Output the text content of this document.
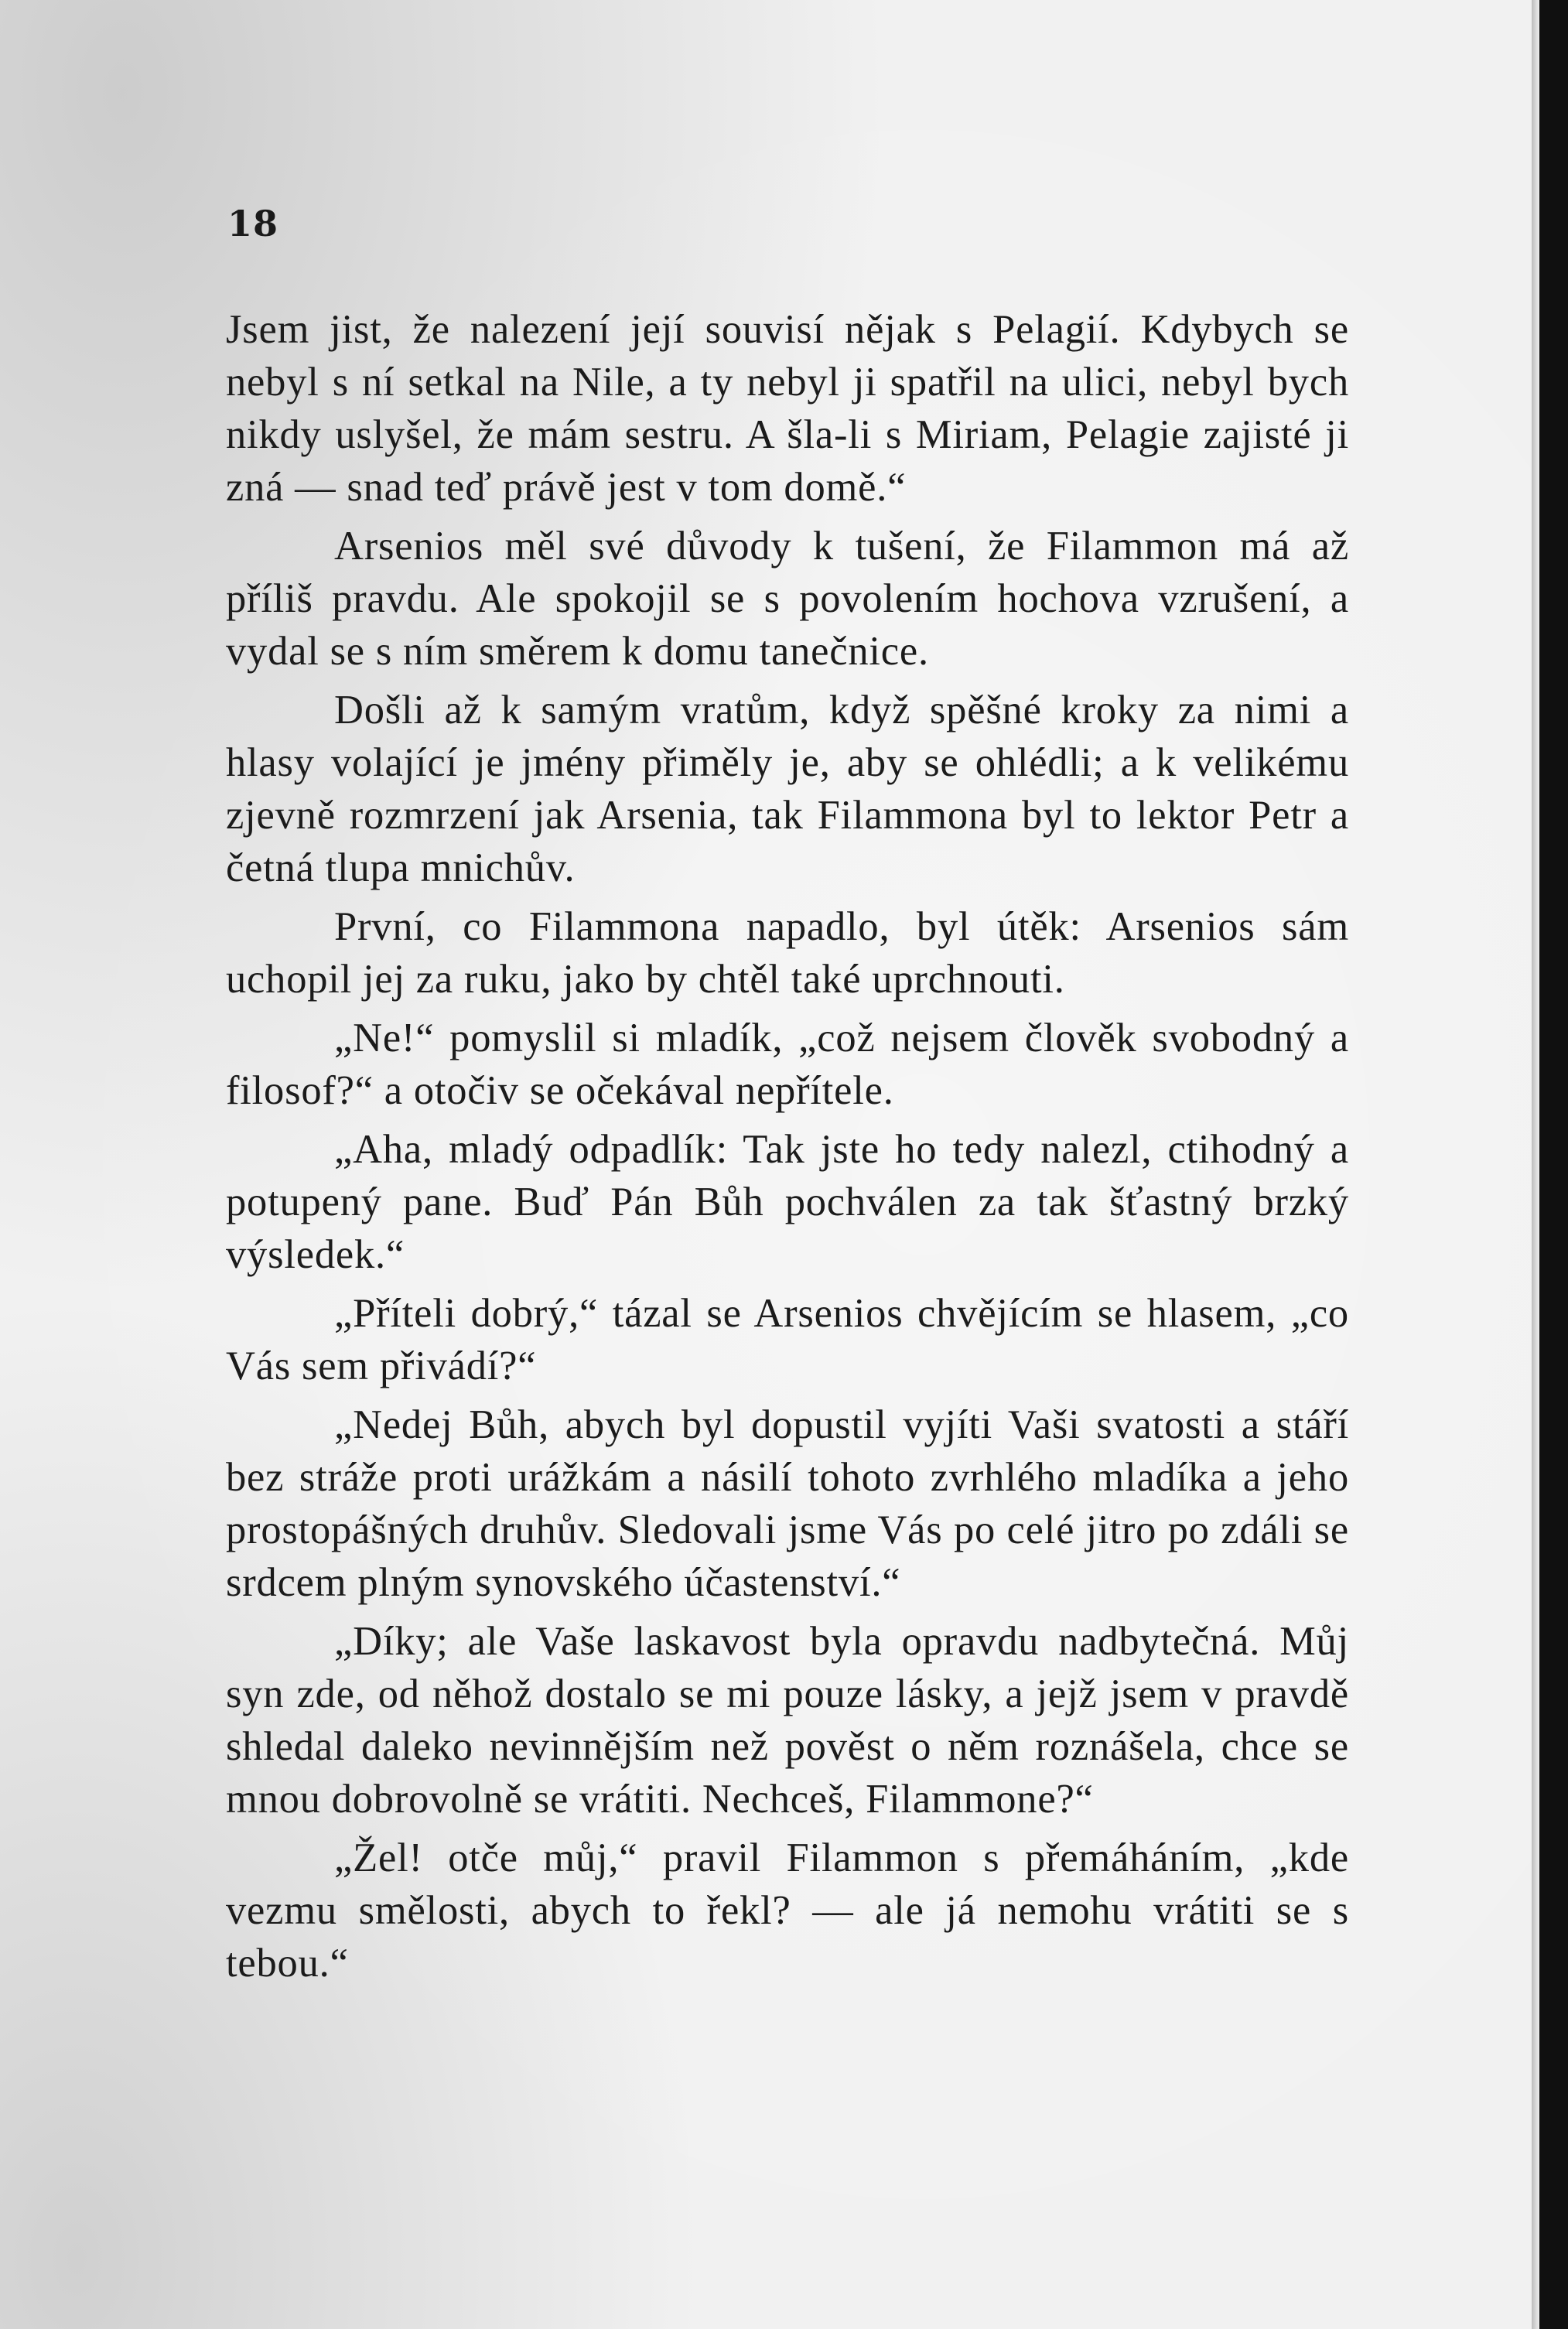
18

Jsem jist, že nalezení její souvisí nějak s Pelagií. Kdybych se nebyl s ní setkal na Nile, a ty nebyl ji spatřil na ulici, nebyl bych nikdy uslyšel, že mám sestru. A šla-li s Miriam, Pelagie zajisté ji zná — snad teď právě jest v tom domě.“

Arsenios měl své důvody k tušení, že Filammon má až příliš pravdu. Ale spokojil se s povolením hochova vzrušení, a vydal se s ním směrem k domu tanečnice.

Došli až k samým vratům, když spěšné kroky za nimi a hlasy volající je jmény přiměly je, aby se ohlédli; a k velikému zjevně rozmrzení jak Arsenia, tak Filammona byl to lektor Petr a četná tlupa mnichův.

První, co Filammona napadlo, byl útěk: Arsenios sám uchopil jej za ruku, jako by chtěl také uprchnouti.

„Ne!“ pomyslil si mladík, „což nejsem člověk svobodný a filosof?“ a otočiv se očekával nepřítele.

„Aha, mladý odpadlík: Tak jste ho tedy nalezl, ctihodný a potupený pane. Buď Pán Bůh pochválen za tak šťastný brzký výsledek.“

„Příteli dobrý,“ tázal se Arsenios chvějícím se hlasem, „co Vás sem přivádí?“

„Nedej Bůh, abych byl dopustil vyjíti Vaši svatosti a stáří bez stráže proti urážkám a násilí tohoto zvrhlého mladíka a jeho prostopášných druhův. Sledovali jsme Vás po celé jitro po zdáli se srdcem plným synovského účastenství.“

„Díky; ale Vaše laskavost byla opravdu nadbytečná. Můj syn zde, od něhož dostalo se mi pouze lásky, a jejž jsem v pravdě shledal daleko nevinnějším než pověst o něm roznášela, chce se mnou dobrovolně se vrátiti. Nechceš, Filammone?“

„Žel! otče můj,“ pravil Filammon s přemáháním, „kde vezmu smělosti, abych to řekl? — ale já nemohu vrátiti se s tebou.“
